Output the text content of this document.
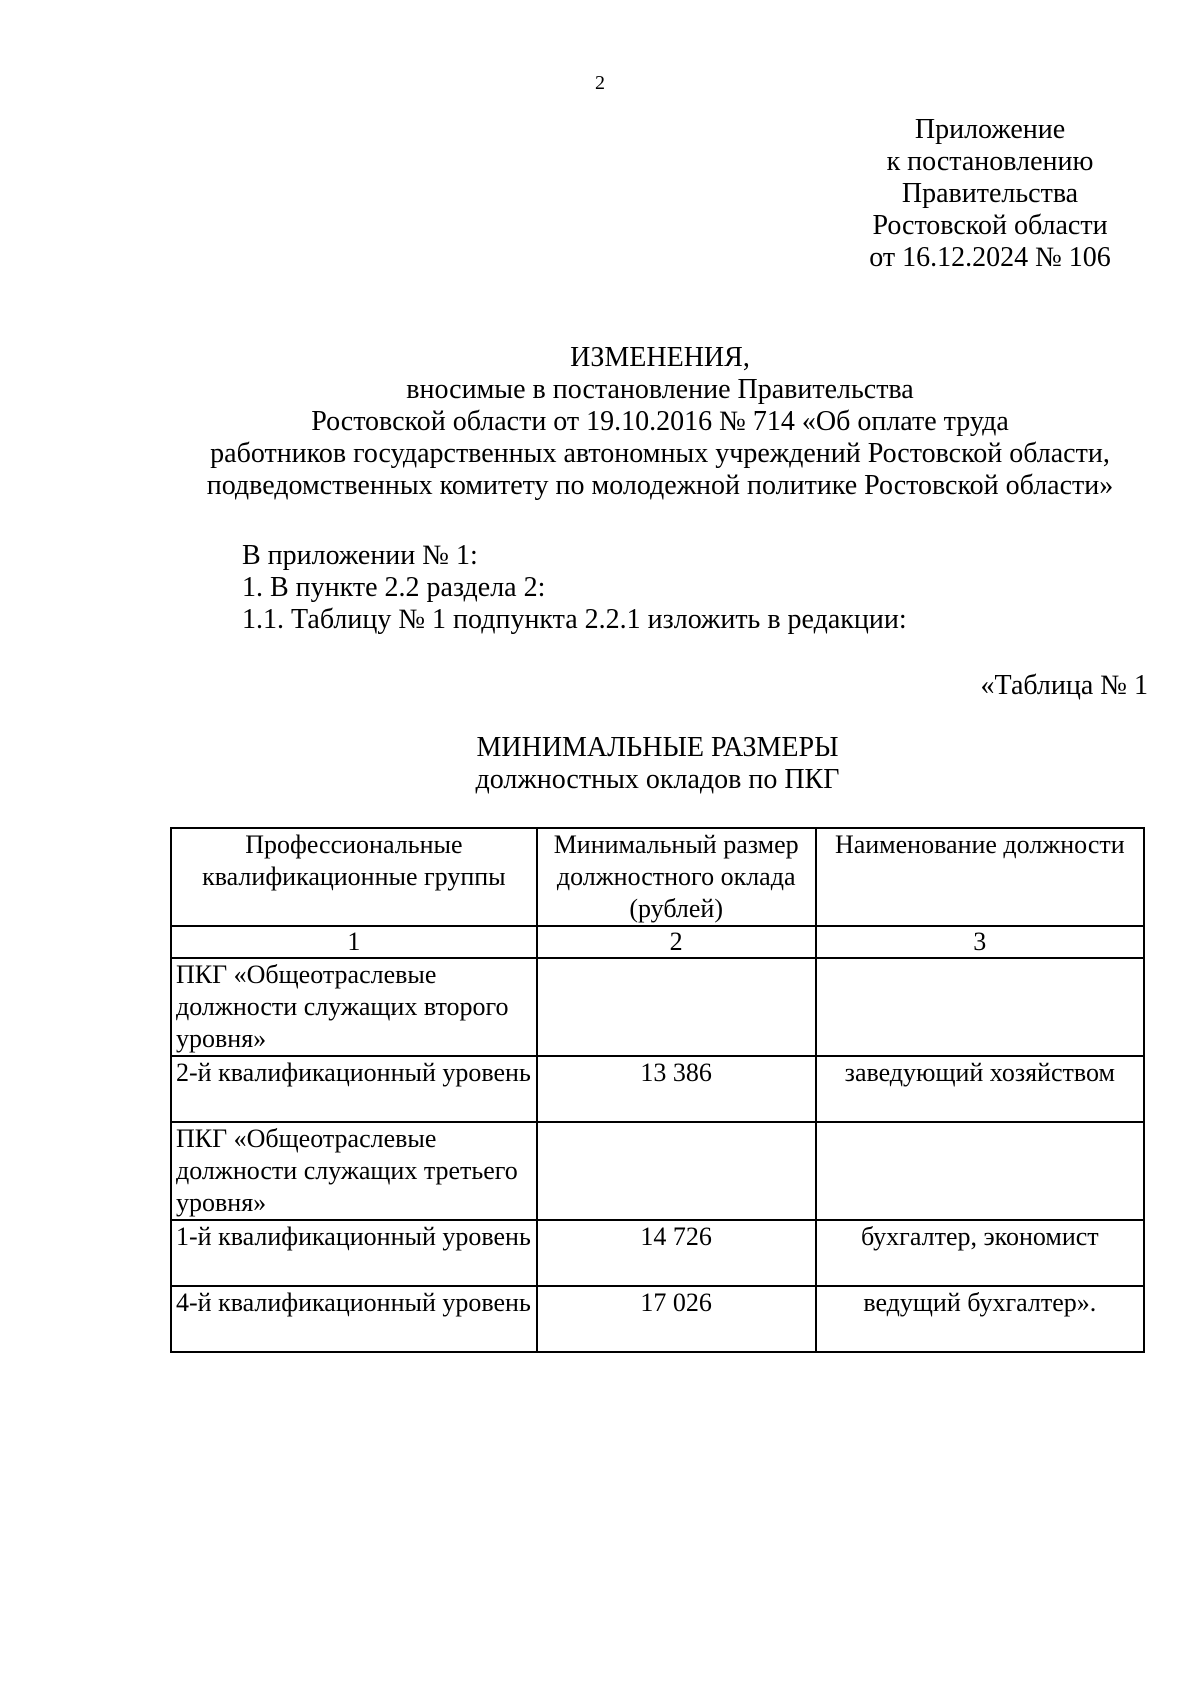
2
Приложение
к постановлению
Правительства
Ростовской области
от 16.12.2024 № 106
ИЗМЕНЕНИЯ,
вносимые в постановление Правительства
Ростовской области от 19.10.2016 № 714 «Об оплате труда
работников государственных автономных учреждений Ростовской области,
подведомственных комитету по молодежной политике Ростовской области»
В приложении № 1:
1. В пункте 2.2 раздела 2:
1.1. Таблицу № 1 подпункта 2.2.1 изложить в редакции:
«Таблица № 1
МИНИМАЛЬНЫЕ РАЗМЕРЫ
должностных окладов по ПКГ
Профессиональные квалификационные группы	Минимальный размер должностного оклада (рублей)	Наименование должности
1	2	3
ПКГ «Общеотраслевые должности служащих второго уровня»		
2-й квалификационный уровень	13 386	заведующий хозяйством
ПКГ «Общеотраслевые должности служащих третьего уровня»		
1-й квалификационный уровень	14 726	бухгалтер, экономист
4-й квалификационный уровень	17 026	ведущий бухгалтер».
